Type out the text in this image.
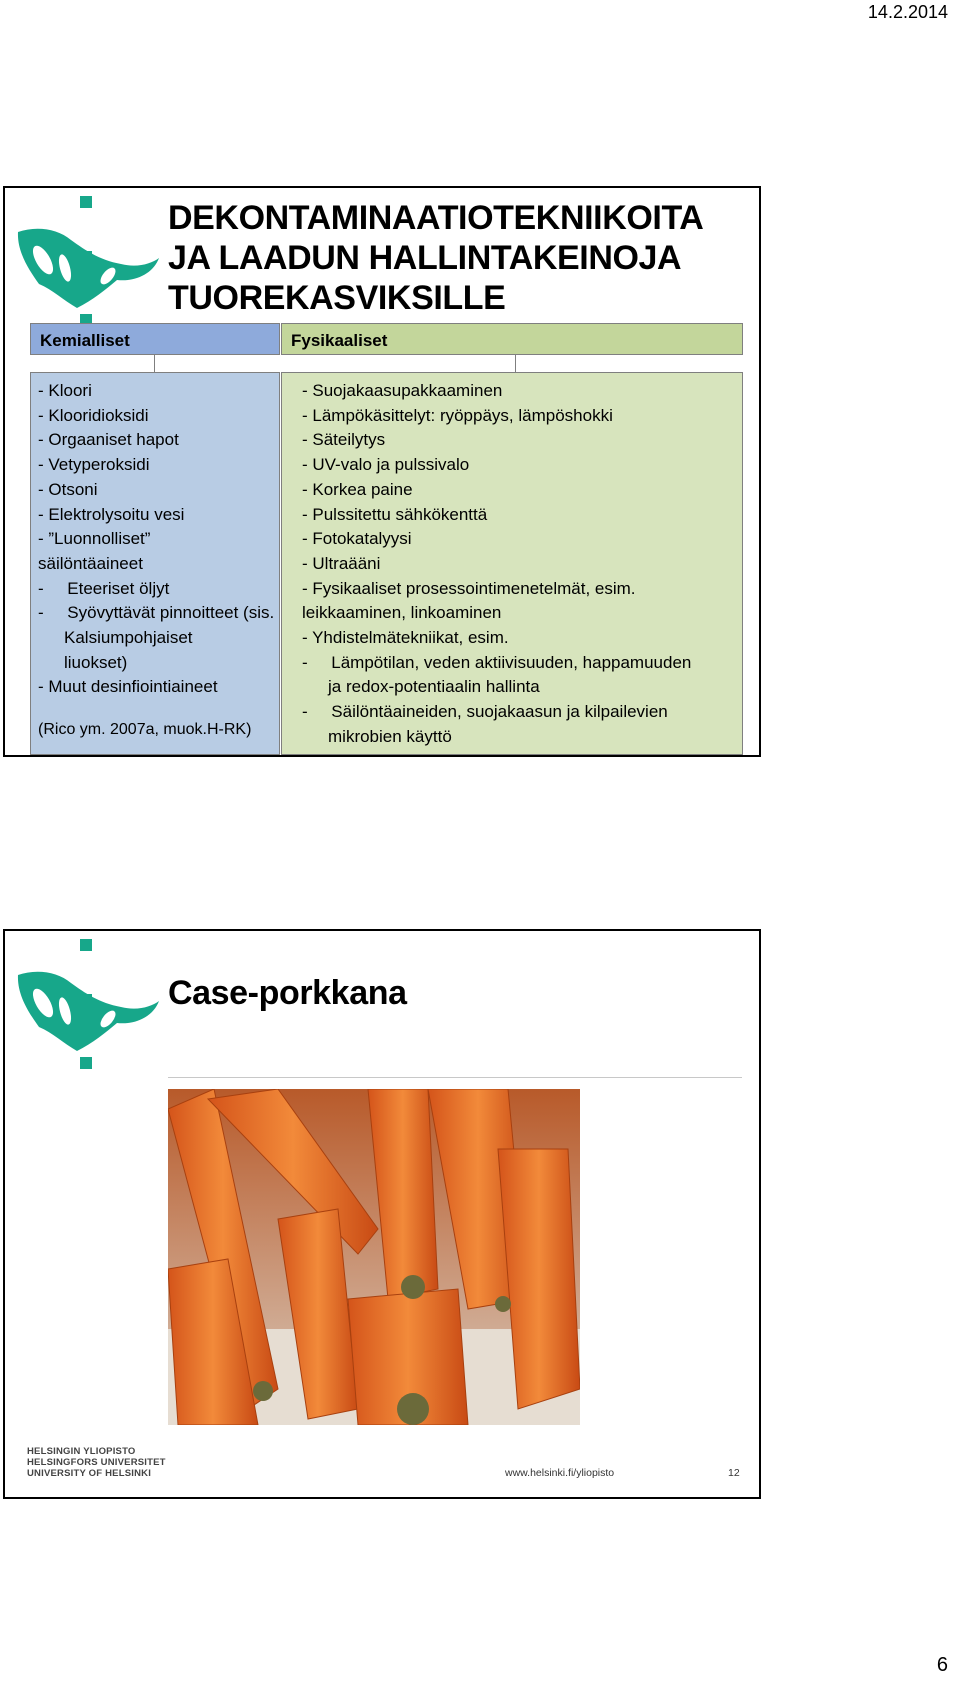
14.2.2014
DEKONTAMINAATIOTEKNIIKOITA
JA LAADUN HALLINTAKEINOJA
TUOREKASVIKSILLE
Kemialliset	Fysikaaliset
- Kloori
- Klooridioksidi
- Orgaaniset hapot
- Vetyperoksidi
- Otsoni
- Elektrolysoitu vesi
- ”Luonnolliset”
säilöntäaineet
-     Eteeriset öljyt
-     Syövyttävät pinnoitteet (sis.
Kalsiumpohjaiset
liuokset)
- Muut desinfiointiaineet
(Rico ym. 2007a, muok.H-RK)
- Suojakaasupakkaaminen
- Lämpökäsittelyt: ryöppäys, lämpöshokki
- Säteilytys
- UV-valo ja pulssivalo
- Korkea paine
- Pulssitettu sähkökenttä
- Fotokatalyysi
- Ultraääni
- Fysikaaliset prosessointimenetelmät, esim.
leikkaaminen, linkoaminen
- Yhdistelmätekniikat, esim.
-     Lämpötilan, veden aktiivisuuden, happamuuden
ja redox-potentiaalin hallinta
-     Säilöntäaineiden, suojakaasun ja kilpailevien
mikrobien käyttö
Case-porkkana
HELSINGIN YLIOPISTO
HELSINGFORS UNIVERSITET
UNIVERSITY OF HELSINKI	www.helsinki.fi/yliopisto	12
6
